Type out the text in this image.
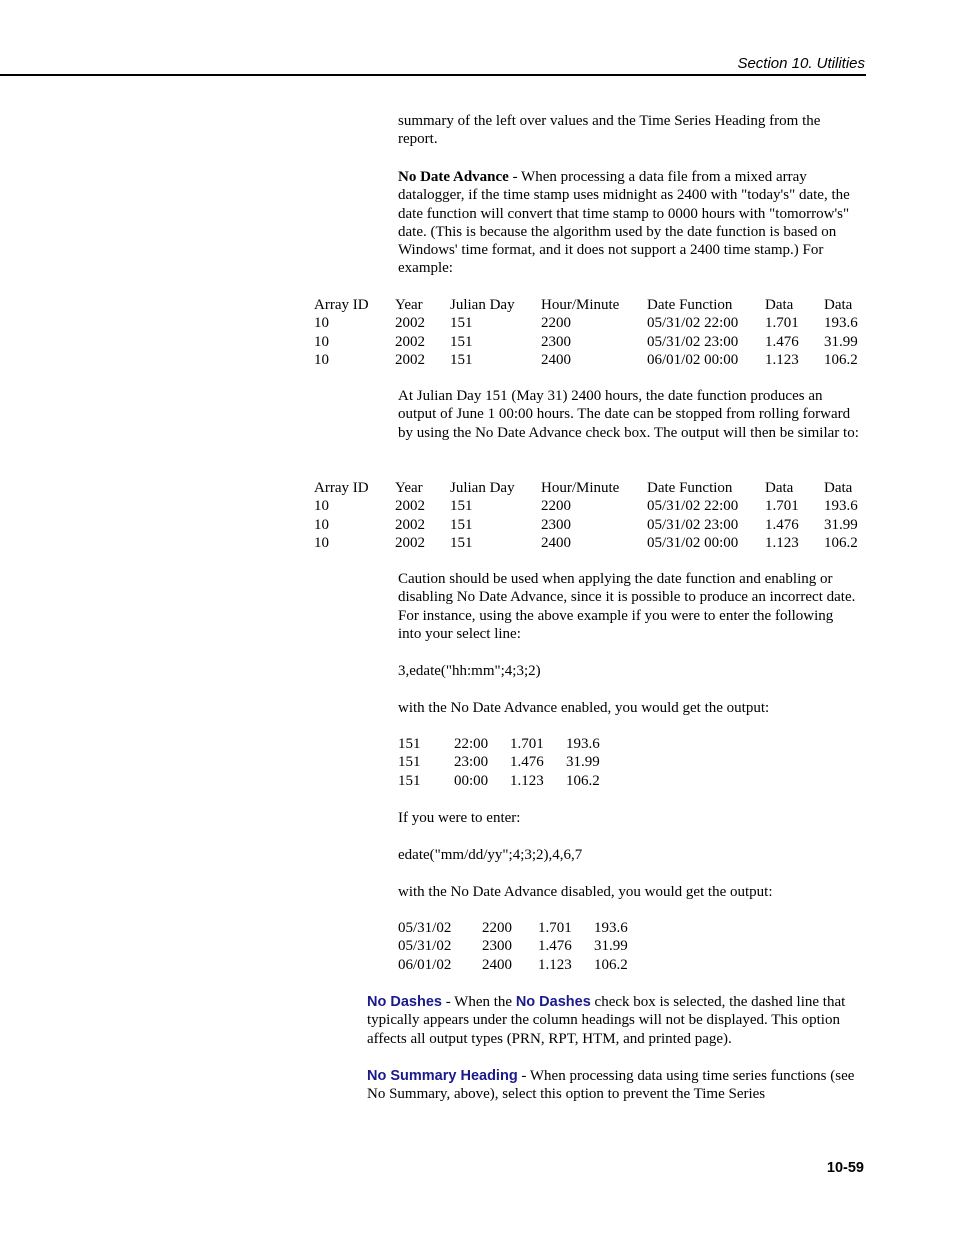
Section 10. Utilities

summary of the left over values and the Time Series Heading from the report.

No Date Advance - When processing a data file from a mixed array datalogger, if the time stamp uses midnight as 2400 with "today's" date, the date function will convert that time stamp to 0000 hours with "tomorrow's" date. (This is because the algorithm used by the date function is based on Windows' time format, and it does not support a 2400 time stamp.) For example:

Array ID Year Julian Day Hour/Minute Date Function Data Data
10	2002 151	2200	05/31/02 22:00 1.701 193.6
10	2002 151	2300	05/31/02 23:00 1.476 31.99
10	2002 151	2400	06/01/02 00:00 1.123 106.2

At Julian Day 151 (May 31) 2400 hours, the date function produces an output of June 1 00:00 hours. The date can be stopped from rolling forward by using the No Date Advance check box. The output will then be similar to:

Array ID Year Julian Day Hour/Minute Date Function Data Data
10	2002 151	2200	05/31/02 22:00 1.701 193.6
10	2002 151	2300	05/31/02 23:00 1.476 31.99
10	2002 151	2400	05/31/02 00:00 1.123 106.2

Caution should be used when applying the date function and enabling or disabling No Date Advance, since it is possible to produce an incorrect date. For instance, using the above example if you were to enter the following into your select line:

3,edate("hh:mm";4;3;2)

with the No Date Advance enabled, you would get the output:

151 22:00 1.701 193.6
151 23:00 1.476 31.99
151 00:00 1.123 106.2

If you were to enter:

edate("mm/dd/yy";4;3;2),4,6,7

with the No Date Advance disabled, you would get the output:

05/31/02 2200 1.701 193.6
05/31/02 2300 1.476 31.99
06/01/02 2400 1.123 106.2

No Dashes - When the No Dashes check box is selected, the dashed line that typically appears under the column headings will not be displayed. This option affects all output types (PRN, RPT, HTM, and printed page).

No Summary Heading - When processing data using time series functions (see No Summary, above), select this option to prevent the Time Series

10-59
